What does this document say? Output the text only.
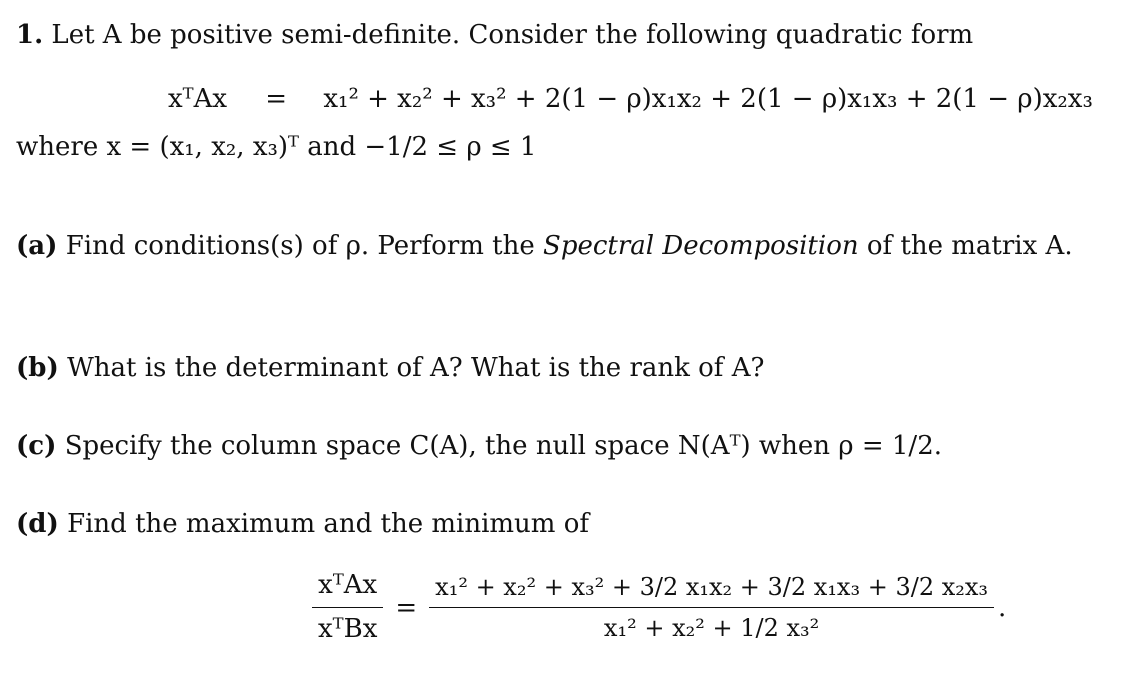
1. Let A be positive semi-definite. Consider the following quadratic form
xᵀAx = x₁² + x₂² + x₃² + 2(1 − ρ)x₁x₂ + 2(1 − ρ)x₁x₃ + 2(1 − ρ)x₂x₃
where x = (x₁, x₂, x₃)ᵀ and −1/2 ≤ ρ ≤ 1
(a) Find conditions(s) of ρ. Perform the Spectral Decomposition of the matrix A.
(b) What is the determinant of A? What is the rank of A?
(c) Specify the column space C(A), the null space N(Aᵀ) when ρ = 1/2.
(d) Find the maximum and the minimum of
$\frac{\text{xᵀAx}}{\text{xᵀBx}} = \frac{\text{x₁² + x₂² + x₃² + 3/2 x₁x₂ + 3/2 x₁x₃ + 3/2 x₂x₃}}{\text{x₁² + x₂² + 1/2 x₃²}}$ .
